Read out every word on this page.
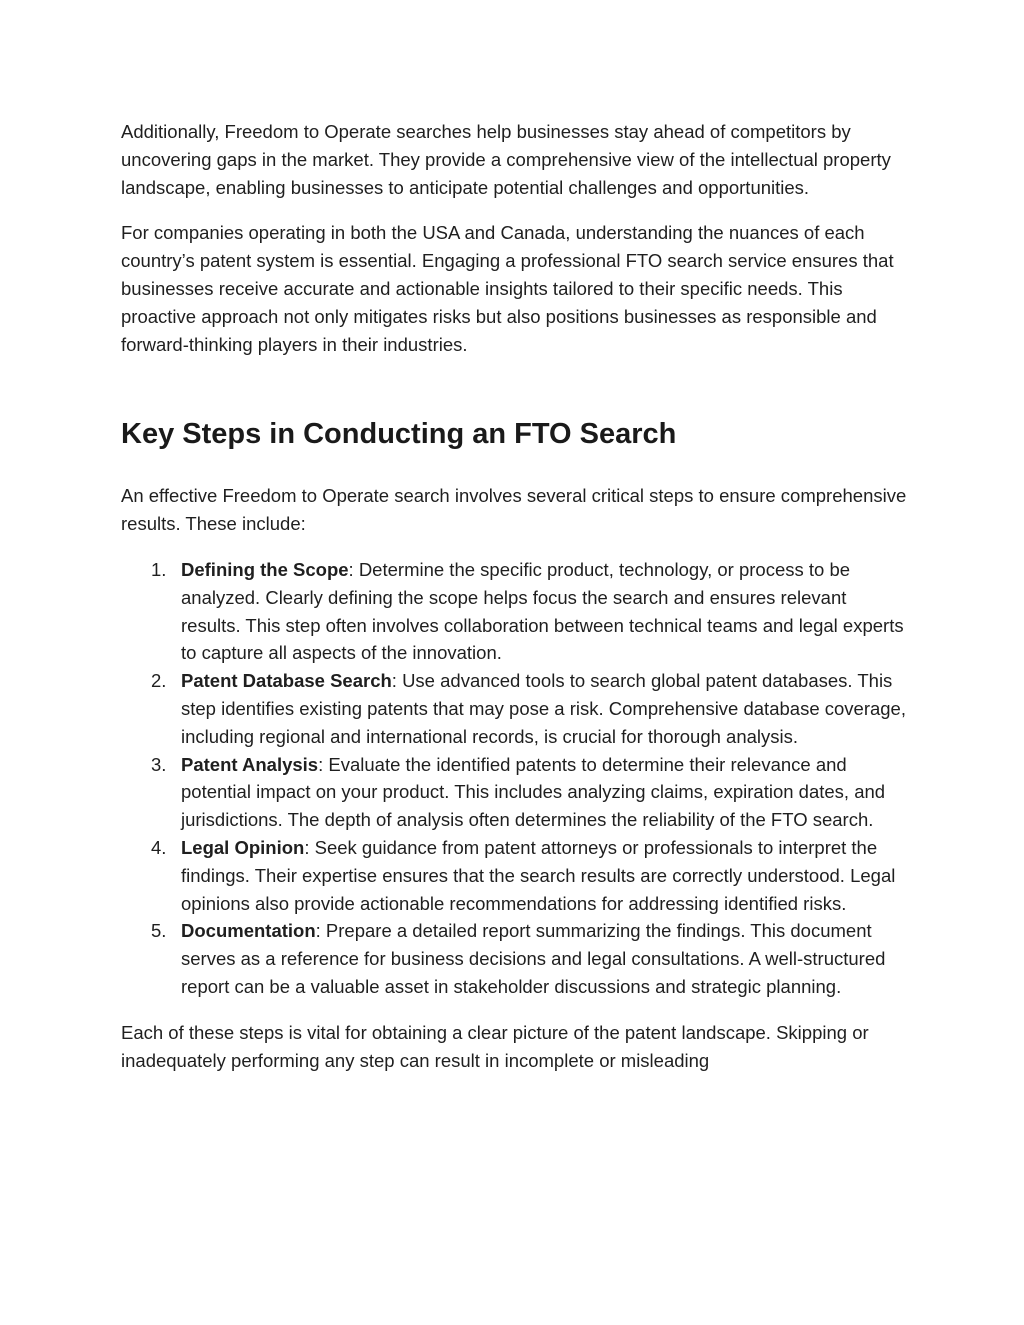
Additionally, Freedom to Operate searches help businesses stay ahead of competitors by uncovering gaps in the market. They provide a comprehensive view of the intellectual property landscape, enabling businesses to anticipate potential challenges and opportunities.

For companies operating in both the USA and Canada, understanding the nuances of each country’s patent system is essential. Engaging a professional FTO search service ensures that businesses receive accurate and actionable insights tailored to their specific needs. This proactive approach not only mitigates risks but also positions businesses as responsible and forward-thinking players in their industries.

Key Steps in Conducting an FTO Search

An effective Freedom to Operate search involves several critical steps to ensure comprehensive results. These include:

1. Defining the Scope: Determine the specific product, technology, or process to be analyzed. Clearly defining the scope helps focus the search and ensures relevant results. This step often involves collaboration between technical teams and legal experts to capture all aspects of the innovation.
2. Patent Database Search: Use advanced tools to search global patent databases. This step identifies existing patents that may pose a risk. Comprehensive database coverage, including regional and international records, is crucial for thorough analysis.
3. Patent Analysis: Evaluate the identified patents to determine their relevance and potential impact on your product. This includes analyzing claims, expiration dates, and jurisdictions. The depth of analysis often determines the reliability of the FTO search.
4. Legal Opinion: Seek guidance from patent attorneys or professionals to interpret the findings. Their expertise ensures that the search results are correctly understood. Legal opinions also provide actionable recommendations for addressing identified risks.
5. Documentation: Prepare a detailed report summarizing the findings. This document serves as a reference for business decisions and legal consultations. A well-structured report can be a valuable asset in stakeholder discussions and strategic planning.

Each of these steps is vital for obtaining a clear picture of the patent landscape. Skipping or inadequately performing any step can result in incomplete or misleading
